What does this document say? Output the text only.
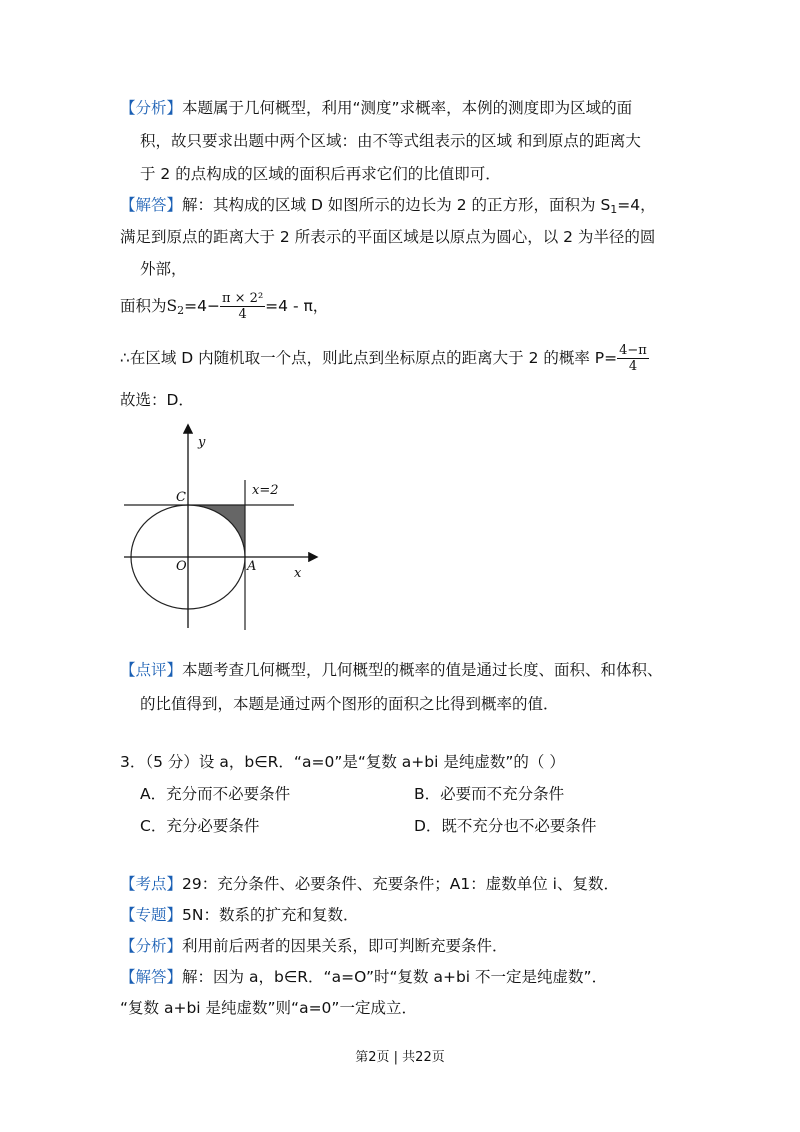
【分析】本题属于几何概型，利用“测度”求概率，本例的测度即为区域的面
积，故只要求出题中两个区域：由不等式组表示的区域 和到原点的距离大
于 2 的点构成的区域的面积后再求它们的比值即可．
【解答】解：其构成的区域 D 如图所示的边长为 2 的正方形，面积为 $S_1=4$，
满足到原点的距离大于 2 所表示的平面区域是以原点为圆心，以 2 为半径的圆
外部，
面积为$S_2=4- \frac{\text{π × 2²}}{4} =4 - \pi$，
∴在区域 D 内随机取一个点，则此点到坐标原点的距离大于 2 的概率 $P= \frac{4-\pi}{4}$
故选：D．
y
x
O	A
C	x=2
【点评】本题考查几何概型，几何概型的概率的值是通过长度、面积、和体积、
的比值得到，本题是通过两个图形的面积之比得到概率的值．
3．（5 分）设 a，b∈R．“a=0”是“复数 a+bi 是纯虚数”的（ ）
A．充分而不必要条件	B．必要而不充分条件
C．充分必要条件	D．既不充分也不必要条件
【考点】29：充分条件、必要条件、充要条件；A1：虚数单位 i、复数．
【专题】5N：数系的扩充和复数．
【分析】利用前后两者的因果关系，即可判断充要条件．
【解答】解：因为 a，b∈R．“a=O”时“复数 a+bi 不一定是纯虚数”．
“复数 a+bi 是纯虚数”则“a=0”一定成立．
第2页 | 共22页
